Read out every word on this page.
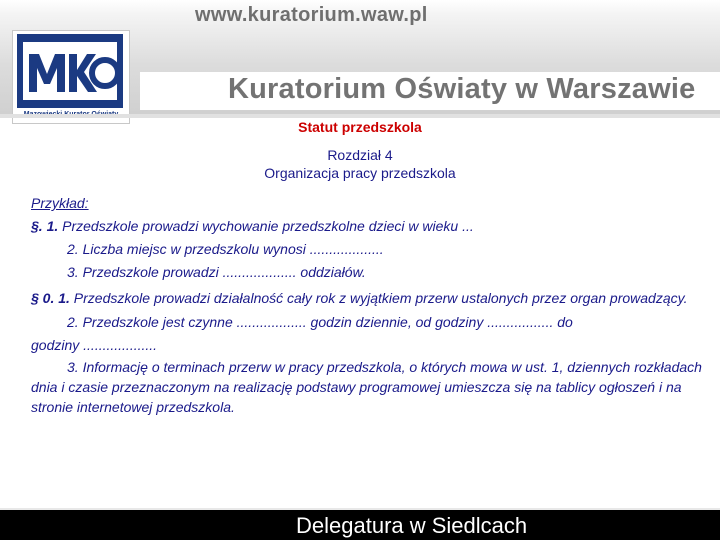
www.kuratorium.waw.pl
Kuratorium Oświaty w Warszawie
Statut przedszkola
Rozdział 4
Organizacja pracy przedszkola
Przykład:
§. 1. Przedszkole prowadzi wychowanie przedszkolne dzieci w wieku ...
2. Liczba miejsc w przedszkolu wynosi ...................
3. Przedszkole prowadzi ................... oddziałów.
§ 0. 1. Przedszkole prowadzi działalność cały rok z wyjątkiem przerw ustalonych przez organ prowadzący.
2. Przedszkole jest czynne .................. godzin dziennie, od godziny ................. do
godziny ...................
3. Informację o terminach przerw w pracy przedszkola, o których mowa w ust. 1, dziennych rozkładach dnia i czasie przeznaczonym na realizację podstawy programowej umieszcza się na tablicy ogłoszeń i na stronie internetowej przedszkola.
Delegatura w Siedlcach
